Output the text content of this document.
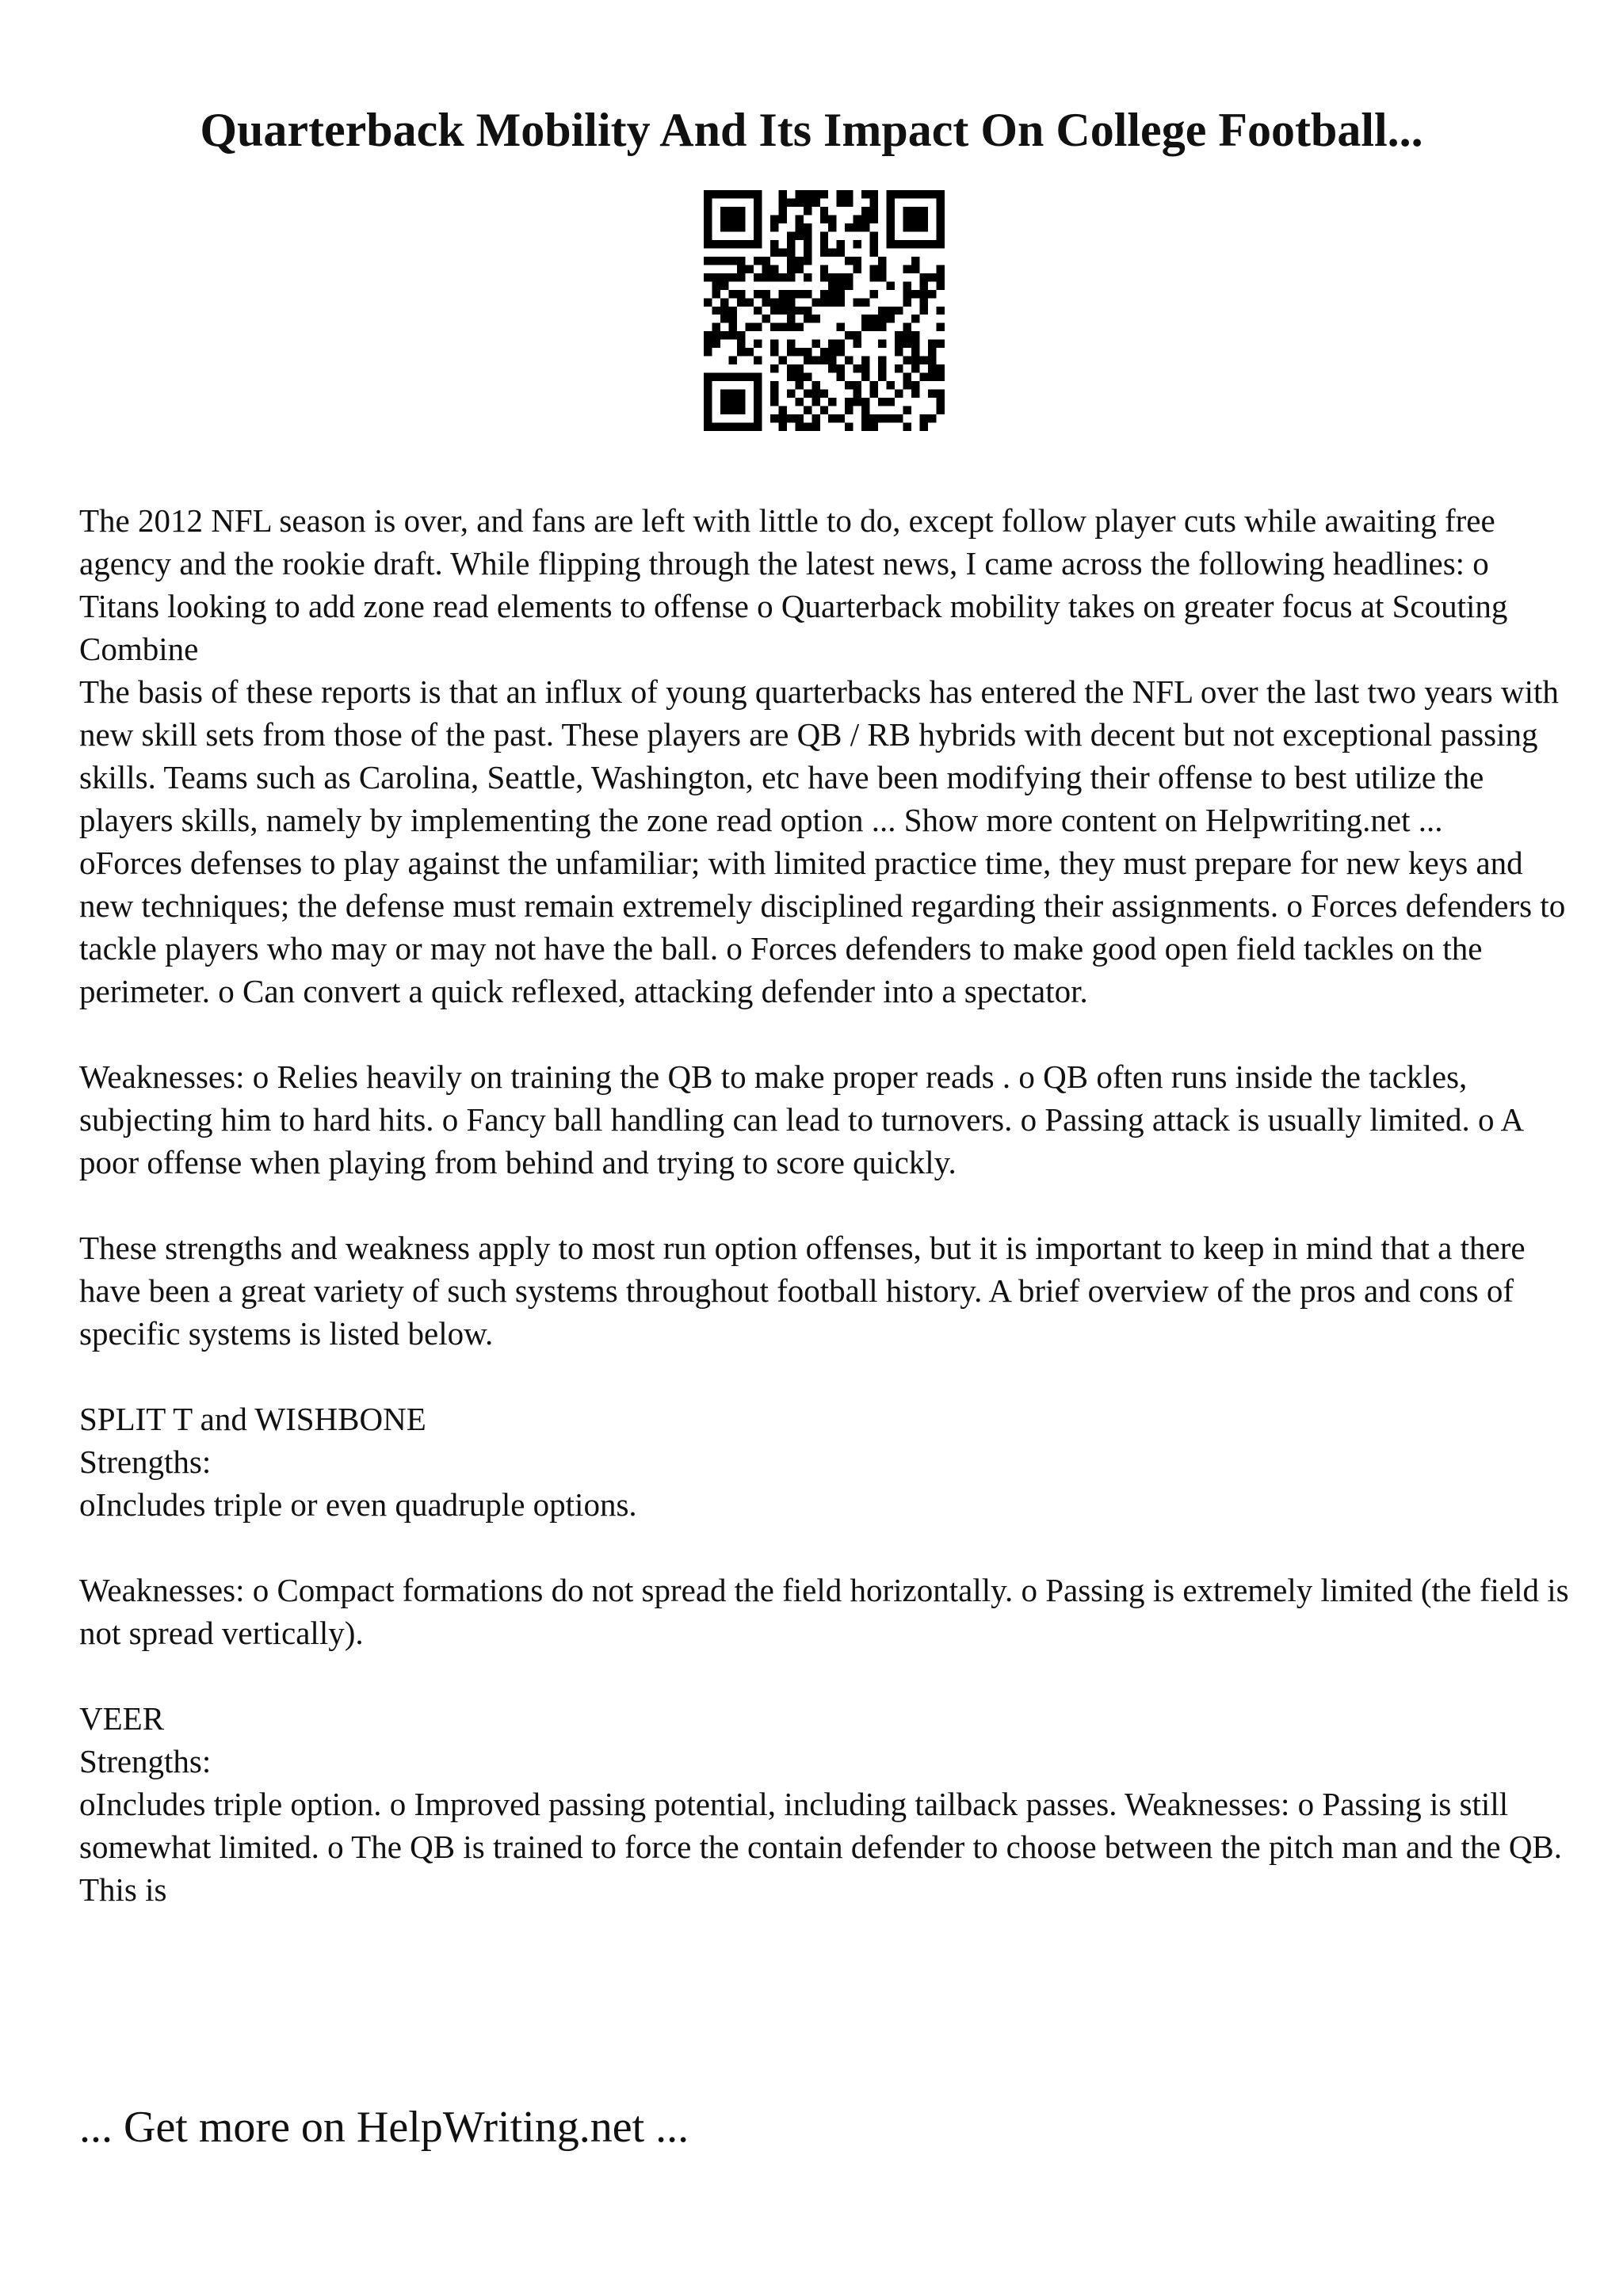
Quarterback Mobility And Its Impact On College Football...

The 2012 NFL season is over, and fans are left with little to do, except follow player cuts while awaiting free agency and the rookie draft. While flipping through the latest news, I came across the following headlines: o Titans looking to add zone read elements to offense o Quarterback mobility takes on greater focus at Scouting Combine

The basis of these reports is that an influx of young quarterbacks has entered the NFL over the last two years with new skill sets from those of the past. These players are QB / RB hybrids with decent but not exceptional passing skills. Teams such as Carolina, Seattle, Washington, etc have been modifying their offense to best utilize the players skills, namely by implementing the zone read option ... Show more content on Helpwriting.net ...

oForces defenses to play against the unfamiliar; with limited practice time, they must prepare for new keys and new techniques; the defense must remain extremely disciplined regarding their assignments. o Forces defenders to tackle players who may or may not have the ball. o Forces defenders to make good open field tackles on the perimeter. o Can convert a quick reflexed, attacking defender into a spectator.

Weaknesses: o Relies heavily on training the QB to make proper reads . o QB often runs inside the tackles, subjecting him to hard hits. o Fancy ball handling can lead to turnovers. o Passing attack is usually limited. o A poor offense when playing from behind and trying to score quickly.

These strengths and weakness apply to most run option offenses, but it is important to keep in mind that a there have been a great variety of such systems throughout football history. A brief overview of the pros and cons of specific systems is listed below.

SPLIT T and WISHBONE

Strengths:

oIncludes triple or even quadruple options.

Weaknesses: o Compact formations do not spread the field horizontally. o Passing is extremely limited (the field is not spread vertically).

VEER

Strengths:

oIncludes triple option. o Improved passing potential, including tailback passes. Weaknesses: o Passing is still somewhat limited. o The QB is trained to force the contain defender to choose between the pitch man and the QB. This is

... Get more on HelpWriting.net ...
